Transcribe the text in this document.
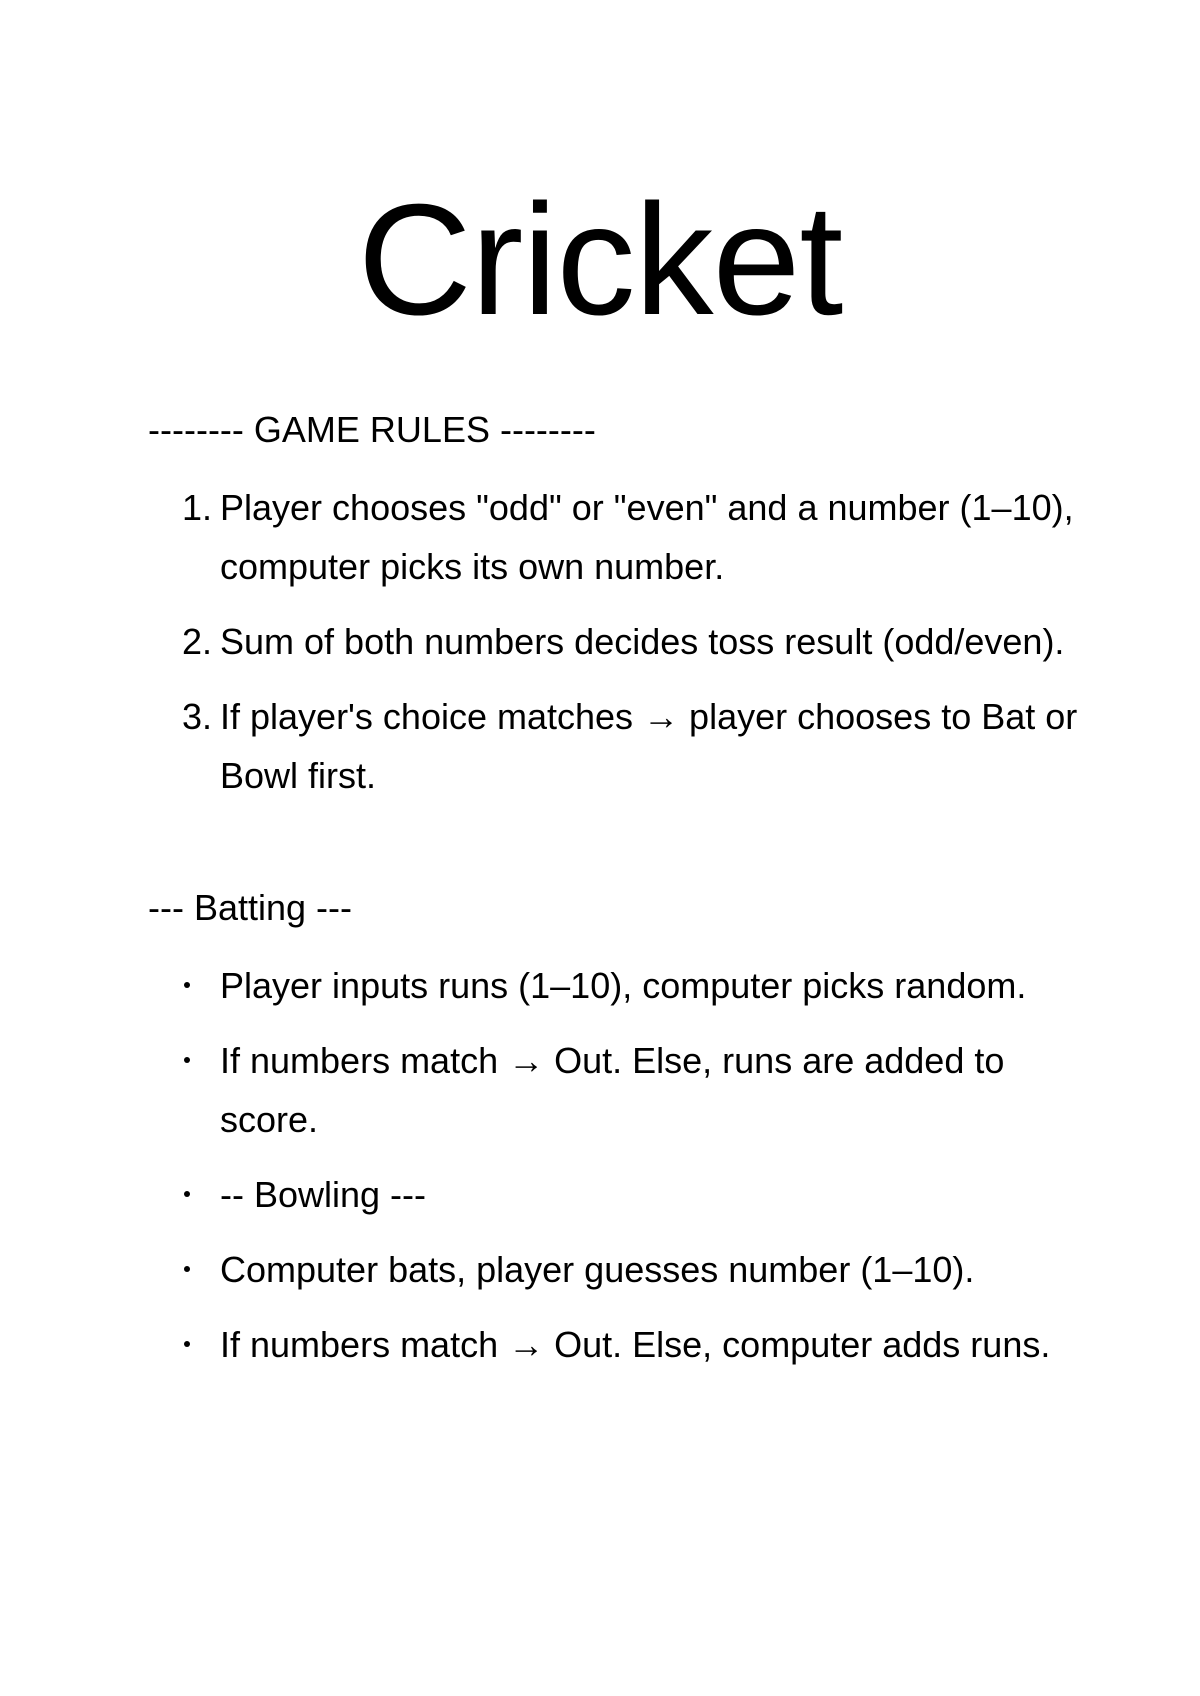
Cricket

-------- GAME RULES --------

1. Player chooses "odd" or "even" and a number (1–10), computer picks its own number.
2. Sum of both numbers decides toss result (odd/even).
3. If player's choice matches → player chooses to Bat or Bowl first.

--- Batting ---

Player inputs runs (1–10), computer picks random.
If numbers match → Out. Else, runs are added to score.
-- Bowling ---
Computer bats, player guesses number (1–10).
If numbers match → Out. Else, computer adds runs.
